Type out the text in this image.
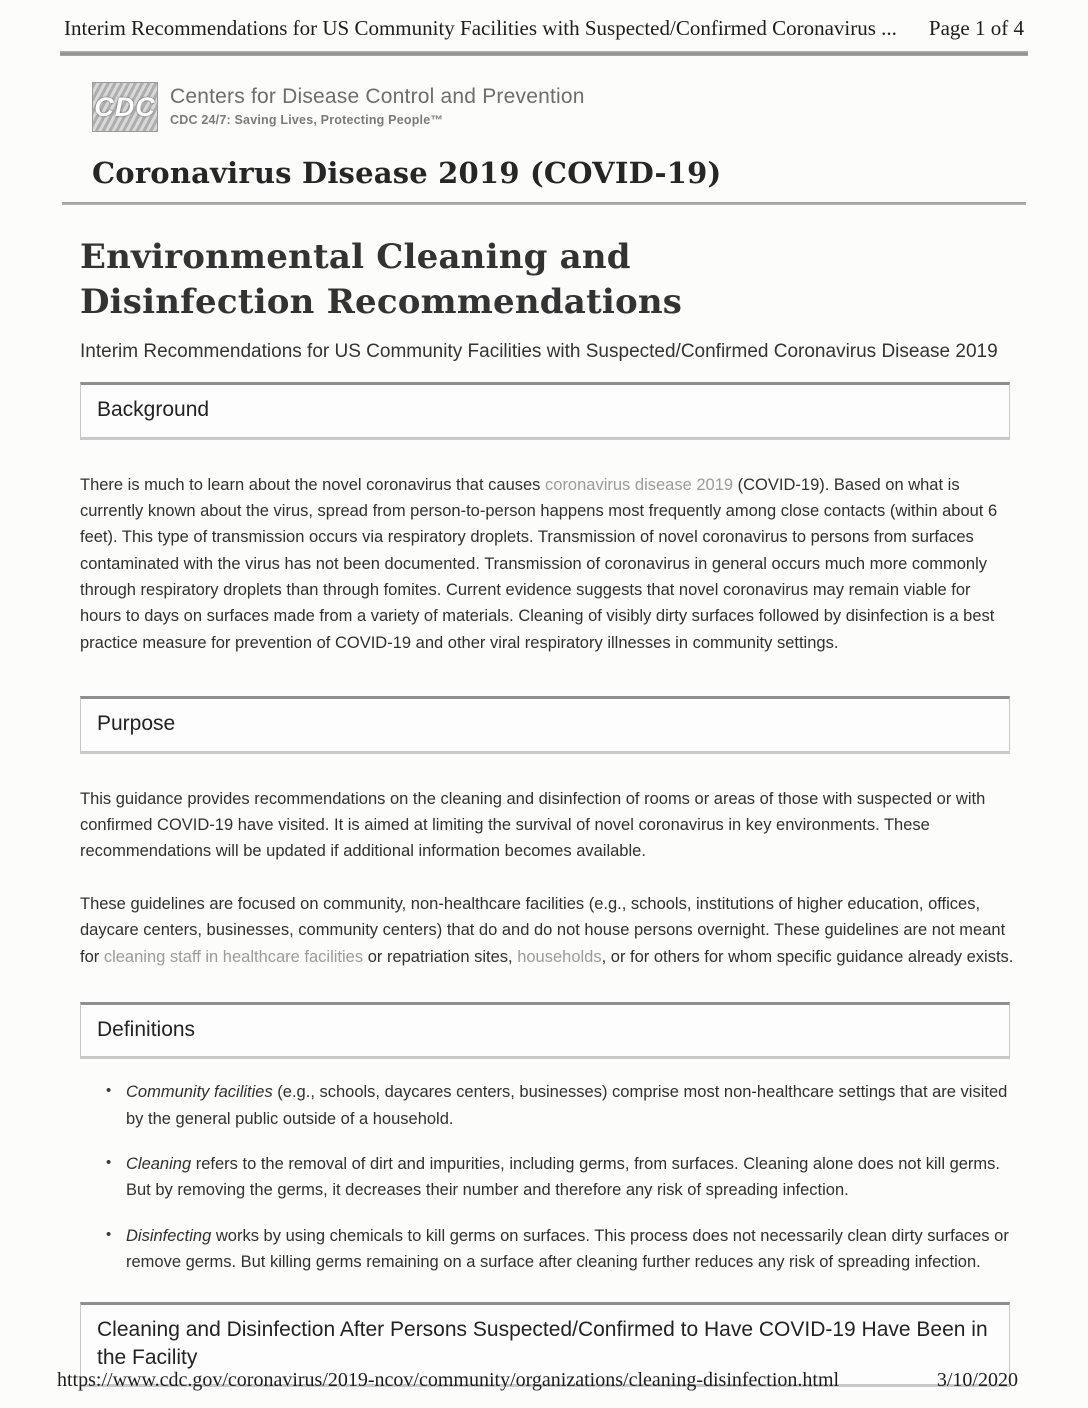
Interim Recommendations for US Community Facilities with Suspected/Confirmed Coronavirus ... Page 1 of 4
CDC Centers for Disease Control and Prevention
CDC 24/7: Saving Lives, Protecting People™
Coronavirus Disease 2019 (COVID-19)
Environmental Cleaning and Disinfection Recommendations
Interim Recommendations for US Community Facilities with Suspected/Confirmed Coronavirus Disease 2019
Background

There is much to learn about the novel coronavirus that causes coronavirus disease 2019 (COVID-19). Based on what is currently known about the virus, spread from person-to-person happens most frequently among close contacts (within about 6 feet). This type of transmission occurs via respiratory droplets. Transmission of novel coronavirus to persons from surfaces contaminated with the virus has not been documented. Transmission of coronavirus in general occurs much more commonly through respiratory droplets than through fomites. Current evidence suggests that novel coronavirus may remain viable for hours to days on surfaces made from a variety of materials. Cleaning of visibly dirty surfaces followed by disinfection is a best practice measure for prevention of COVID-19 and other viral respiratory illnesses in community settings.

Purpose

This guidance provides recommendations on the cleaning and disinfection of rooms or areas of those with suspected or with confirmed COVID-19 have visited. It is aimed at limiting the survival of novel coronavirus in key environments. These recommendations will be updated if additional information becomes available.

These guidelines are focused on community, non-healthcare facilities (e.g., schools, institutions of higher education, offices, daycare centers, businesses, community centers) that do and do not house persons overnight. These guidelines are not meant for cleaning staff in healthcare facilities or repatriation sites, households, or for others for whom specific guidance already exists.

Definitions
• Community facilities (e.g., schools, daycares centers, businesses) comprise most non-healthcare settings that are visited by the general public outside of a household.
• Cleaning refers to the removal of dirt and impurities, including germs, from surfaces. Cleaning alone does not kill germs. But by removing the germs, it decreases their number and therefore any risk of spreading infection.
• Disinfecting works by using chemicals to kill germs on surfaces. This process does not necessarily clean dirty surfaces or remove germs. But killing germs remaining on a surface after cleaning further reduces any risk of spreading infection.
Cleaning and Disinfection After Persons Suspected/Confirmed to Have COVID-19 Have Been in the Facility
https://www.cdc.gov/coronavirus/2019-ncov/community/organizations/cleaning-disinfection.html	3/10/2020
